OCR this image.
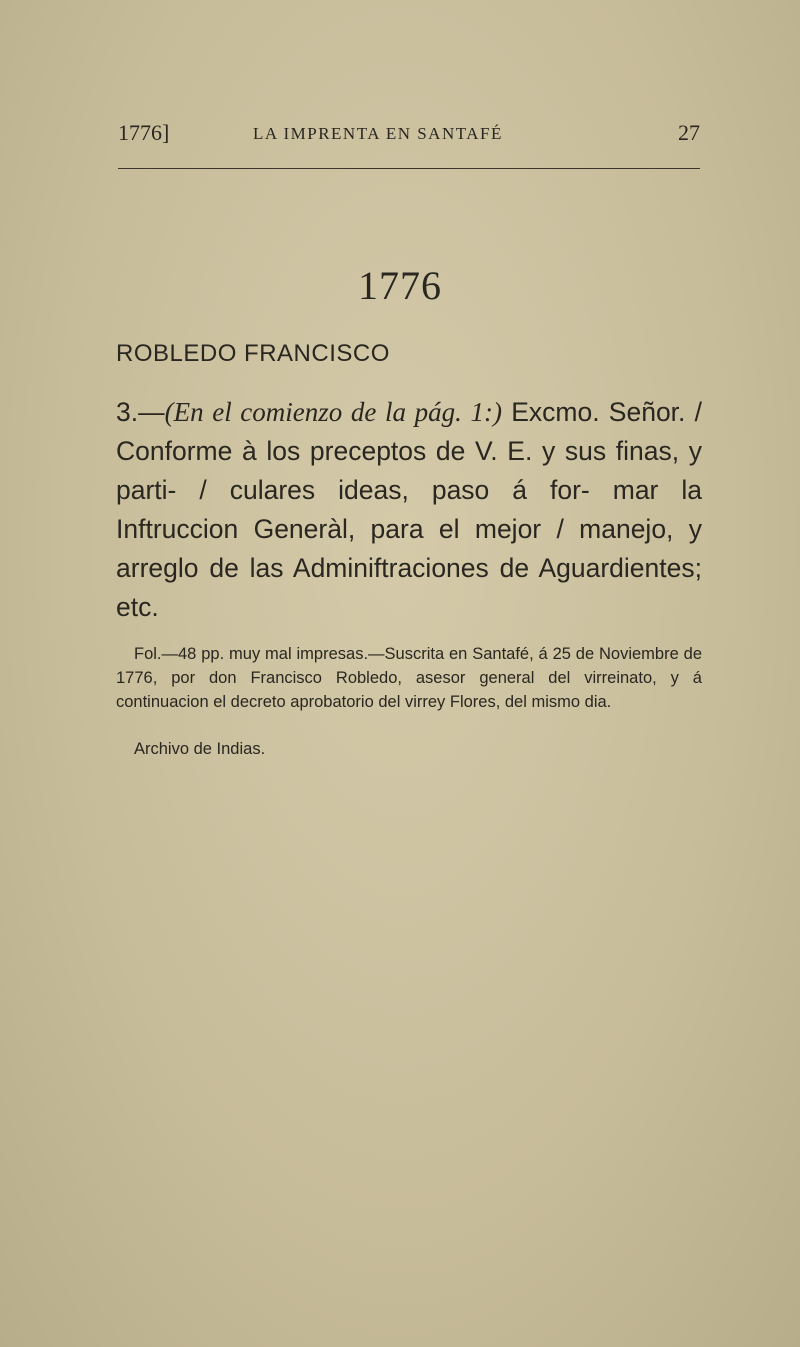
1776]	LA IMPRENTA EN SANTAFÉ	27
1776
ROBLEDO FRANCISCO
3.—(En el comienzo de la pág. 1:) Excmo. Señor. / Conforme à los preceptos de V. E. y sus finas, y parti- / culares ideas, paso á for- mar la Inftruccion Generàl, para el mejor / manejo, y arreglo de las Adminiftraciones de Aguardientes; etc.
Fol.—48 pp. muy mal impresas.—Suscrita en Santafé, á 25 de Noviembre de 1776, por don Francisco Robledo, asesor general del virreinato, y á continuacion el decreto aprobatorio del virrey Flores, del mismo dia.
Archivo de Indias.
